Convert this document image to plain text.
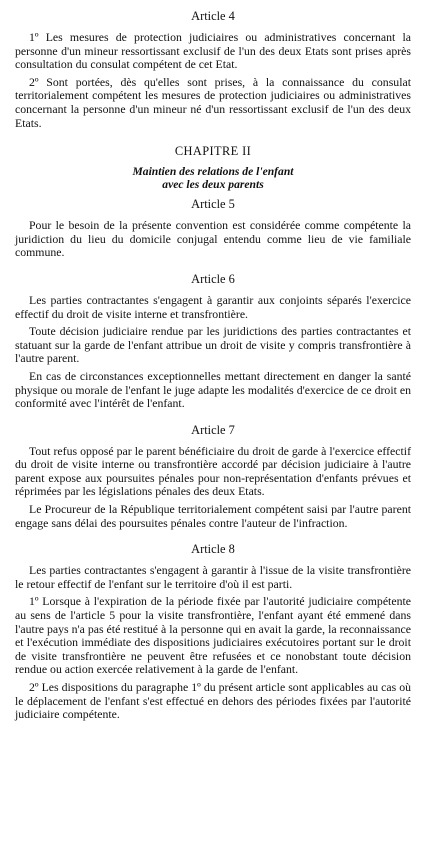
Article 4

1º Les mesures de protection judiciaires ou administratives concernant la personne d'un mineur ressortissant exclusif de l'un des deux Etats sont prises après consultation du consulat compétent de cet Etat.

2º Sont portées, dès qu'elles sont prises, à la connaissance du consulat territorialement compétent les mesures de protection judiciaires ou administratives concernant la personne d'un mineur né d'un ressortissant exclusif de l'un des deux Etats.

CHAPITRE II
Maintien des relations de l'enfant
avec les deux parents
Article 5

Pour le besoin de la présente convention est considérée comme compétente la juridiction du lieu du domicile conjugal entendu comme lieu de vie familiale commune.

Article 6

Les parties contractantes s'engagent à garantir aux conjoints séparés l'exercice effectif du droit de visite interne et transfrontière.

Toute décision judiciaire rendue par les juridictions des parties contractantes et statuant sur la garde de l'enfant attribue un droit de visite y compris transfrontière à l'autre parent.

En cas de circonstances exceptionnelles mettant directement en danger la santé physique ou morale de l'enfant le juge adapte les modalités d'exercice de ce droit en conformité avec l'intérêt de l'enfant.

Article 7

Tout refus opposé par le parent bénéficiaire du droit de garde à l'exercice effectif du droit de visite interne ou transfrontière accordé par décision judiciaire à l'autre parent expose aux poursuites pénales pour non-représentation d'enfants prévues et réprimées par les législations pénales des deux Etats.

Le Procureur de la République territorialement compétent saisi par l'autre parent engage sans délai des poursuites pénales contre l'auteur de l'infraction.

Article 8

Les parties contractantes s'engagent à garantir à l'issue de la visite transfrontière le retour effectif de l'enfant sur le territoire d'où il est parti.

1º Lorsque à l'expiration de la période fixée par l'autorité judiciaire compétente au sens de l'article 5 pour la visite transfrontière, l'enfant ayant été emmené dans l'autre pays n'a pas été restitué à la personne qui en avait la garde, la reconnaissance et l'exécution immédiate des dispositions judiciaires exécutoires portant sur le droit de visite transfrontière ne peuvent être refusées et ce nonobstant toute décision rendue ou action exercée relativement à la garde de l'enfant.

2º Les dispositions du paragraphe 1º du présent article sont applicables au cas où le déplacement de l'enfant s'est effectué en dehors des périodes fixées par l'autorité judiciaire compétente.
